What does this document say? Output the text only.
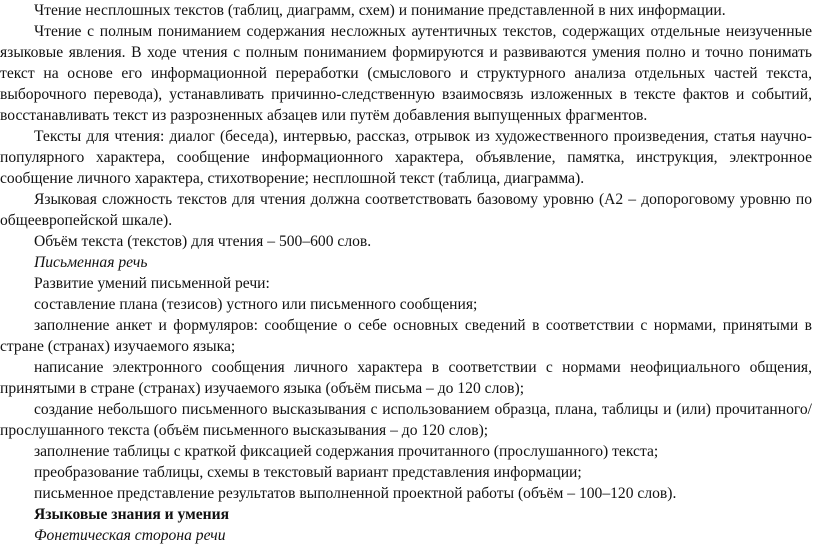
Чтение несплошных текстов (таблиц, диаграмм, схем) и понимание представленной в них информации.

Чтение с полным пониманием содержания несложных аутентичных текстов, содержащих отдельные неизученные языковые явления. В ходе чтения с полным пониманием формируются и развиваются умения полно и точно понимать текст на основе его информационной переработки (смыслового и структурного анализа отдельных частей текста, выборочного перевода), устанавливать причинно-следственную взаимосвязь изложенных в тексте фактов и событий, восстанавливать текст из разрозненных абзацев или путём добавления выпущенных фрагментов.

Тексты для чтения: диалог (беседа), интервью, рассказ, отрывок из художественного произведения, статья научно-популярного характера, сообщение информационного характера, объявление, памятка, инструкция, электронное сообщение личного характера, стихотворение; несплошной текст (таблица, диаграмма).

Языковая сложность текстов для чтения должна соответствовать базовому уровню (А2 – допороговому уровню по общеевропейской шкале).

Объём текста (текстов) для чтения – 500–600 слов.

Письменная речь

Развитие умений письменной речи:

составление плана (тезисов) устного или письменного сообщения;

заполнение анкет и формуляров: сообщение о себе основных сведений в соответствии с нормами, принятыми в стране (странах) изучаемого языка;

написание электронного сообщения личного характера в соответствии с нормами неофициального общения, принятыми в стране (странах) изучаемого языка (объём письма – до 120 слов);

создание небольшого письменного высказывания с использованием образца, плана, таблицы и (или) прочитанного/прослушанного текста (объём письменного высказывания – до 120 слов);

заполнение таблицы с краткой фиксацией содержания прочитанного (прослушанного) текста;

преобразование таблицы, схемы в текстовый вариант представления информации;

письменное представление результатов выполненной проектной работы (объём – 100–120 слов).

Языковые знания и умения

Фонетическая сторона речи
